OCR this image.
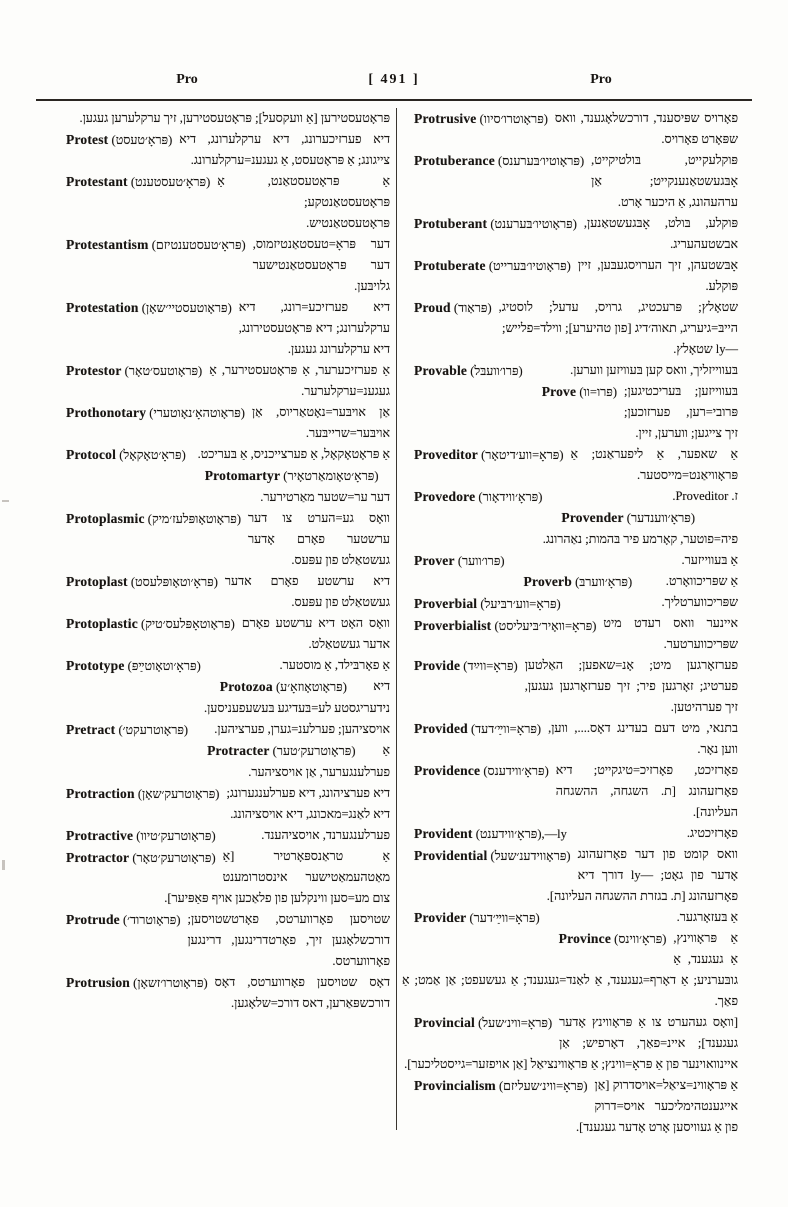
Pro	[ 491 ]	Pro

פּראָטעסטירען [אַ וועקסעל]; פּראָטעסטירען, זיך ערקלערען געגען.

Protest (פּראָ׳טעסט) דיא פערזיכערונג, דיא ערקלערונג, דיא צייגונג; אַ פּראָטעסט, אַ געגענ=ערקלערונג.

Protestant (פּראָ׳טעסטענט) אַ פּראָטעסטאַנט, אַ פּראָטעסטאַנטקע; פּראָטעסטאַנטיש.

Protestantism (פּראָ׳טעסטענטיזם) דער פּראָ=טעסטאַנטיזמוס, דער פּראָטעסטאַנטישער גלויבּען.

Protestation (פּראָוטעסטיי׳שאָן) דיא פערזיכע=רונג, דיא ערקלערונג; דיא פּראָטעסטירונג, דיא ערקלערונג געגען.

Protestor (פּראָוטעס׳טאָר) אַ פערזיכערער, אַ פּראָטעסטירער, אַ געגענ=ערקלערער.

Prothonotary (פּראָוטהאָ׳נאָוטערי) אַן אויבּער=נאָטאַריוס, אַן אויבּער=שרייבּער.

Protocol (פּראָ׳טאָקאָל) אַ פּראָטאָקאָל, אַ פערצייכניס, אַ בּעריכט.

Protomartyr (פּראָ׳טאָומאַרטאָיר)
דער ער=שטער מאַרטירער.

Protoplasmic (פּראָוטאָופּלעז׳מיק) וואָס גע=הערט צו דער ערשטער פאָרם אָדער געשטאַלט פון עפּעס.

Protoplast (פּראָ׳וטאָופּלעסט) דיא ערשטע פאָרם אדער געשטאַלט פון עפּעס.

Protoplastic (פּראָוטאָפּלעס׳טיק) וואָס האָט דיא ערשטע פאָרם אדער געשטאַלט.

Prototype (פּראָ׳וטאָוטײַפּ)	אַ פאָרבּילד, אַ מוסטער.

Protozoa (פּראָוטאָוזאָ׳ע) דיא נידעריגסטע לע=בּעדיגע בּעשעפעניסען.

Pretract (פּראָוטרעקט׳) אויסציהען; פערלענ=גערן, פערציהען.

Protracter (פּראָוטרעק׳טער) אַ פערלענגערער, אַן אויסציהער.

Protraction (פּראָוטרעק׳שאָן) דיא פערציהונג, דיא פערלענגערונג; דיא לאַנג=מאכונג, דיא אויסציהונג.

Protractive (פּראָוטרעק׳טיוו)	פערלענגערנד, אויסציהענד.

Protractor (פּראָוטרעק׳טאָר) אַ טראַנספּאָרטיר [אַ מאַטהעמאַטישער אינסטרומענט צום מע=סען ווינקלען פון פלאַכען אויף פּאַפּיער].

Protrude (פּראָוטרוד׳) שטויסען פאָרווערטס, פאָרטשטויסען; דורכשלאָגען זיך, פאָרטדרינגען, דרינגען פאָרווערטס.

Protrusion (פּראָוטרו׳זשאָן) דאָס שטויסען פאָרווערטס, דאָס דורכשפּאַרען, דאס דורכ=שלאָגען.

Protrusive (פּראָוטרו׳סיוו) פאָרויס שפּיסענד, דורכשלאָגענד, וואס שפּאָרט פאָרויס.

Protuberance (פּראָוטיו׳בּערענס) פּוקלעקייט, בּולטיקייט, אָבּגעשטאַנענקייט; אַן ערהעהונג, אַ היכער אָרט.

Protuberant (פּראָוטיו׳בּערענט) פּוקלע, בּולט, אָבּגעשטאַנען, אבשטעהעריג.

Protuberate (פּראָוטיו׳בּערייט) אָבּשטעהן, זיך הערויסגעבּען, זיין פּוקלע.

Proud (פּראַוד) שטאָלץ; פּרעכטיג, גרויס, עדעל; לוסטיג, הייבּ=גיעריג, תאוה׳דיג [פון טהיערע]; ווילד=פלייש; ‏—ly שטאָלץ.

Provable (פּרו׳וועבּל)	בּעווייזליך, וואס קען בּעוויזען ווערען.

Prove (פּרו=וו) בּעווייזען; בּעריכטיגען; פּרובי=רען, פערזוכען; זיך צייגען; ווערען, זיין.

Proveditor (פּראָ=ווע׳דיטאָר) אַ שאפער, אַ ליפעראַנט; אַ פּראָוויאַנט=מייסטער.

Provedore (פּראָ׳ווידאָור)	ז. Proveditor.

Provender (פּראָ׳ווענדער)
פיה=פוטער, קאָרמע פיר בּהמות; נאַהרונג.

Prover (פּרו׳ווער)	אַ בּעווייזער.

Proverb (פּראָ׳ווערבּ)	אַ שפּריכוואָרט.

Proverbial (פּראָ=ווע׳רבּיעל)	שפּריכווערטליך.

Proverbialist (פּראָ=וואָיר׳בּיעליסט) איינער וואס רעדט מיט שפּריכווערטער.

Provide (פּראָ=ווײַד) פערזאָרגען מיט; אָנ=שאפען; האַלטען פערטיג; זאָרגען פיר; זיך פערזאָרגען געגען, זיך פערהיטען.

Provided (פּראָ=ווײַ׳דעד) בתנאי, מיט דעם בעדינג דאָס...., ווען, ווען נאָר.

Providence (פּראָ׳ווידענס) פאָרזיכט, פאָרזיכ=טיגקייט; דיא פאָרזעהונג [ת. השגחה, ההשגחה העליונה].

Provident (פּראָ׳ווידענט),—ly	פאָרזיכטיג.

Providential (פּראָווידענ׳שעל) וואס קומט פון דער פאָרזעהונג אָדער פון גאָט; ‏—ly דורך דיא פאָרזעהונג [ת. בגזרת ההשגחה העליונה].

Provider (פּראָ=ווײַ׳דער)	אַ בּעזאָרגער.

Province (פּראָ׳ווינס) אַ פּראָווינץ, אַ געגענד, אַ גובּערניע; אַ דאָרף=געגענד, אַ לאַנד=געגענד; אַ געשעפט; אַן אַמט; אַ פאַך.

Provincial (פּראָ=ווינ׳שעל) [וואָס געהערט צו אַ פּראָווינץ אָדער געגענד]; איינ=פאַך, דאָרפיש; אַן איינוואוינער פון אַ פּראָ=ווינץ; אַ פּראָווינציאַל [אַן אויפזער=גייסטליכער].

Provincialism (פּראָ=ווינ׳שעליזם) אַ פּראָווינ=ציאַל=אויסדרוק [אַן אייגענטהימליכער אויס=דרוק פון אַ געוויסען אָרט אָדער געגענד].
